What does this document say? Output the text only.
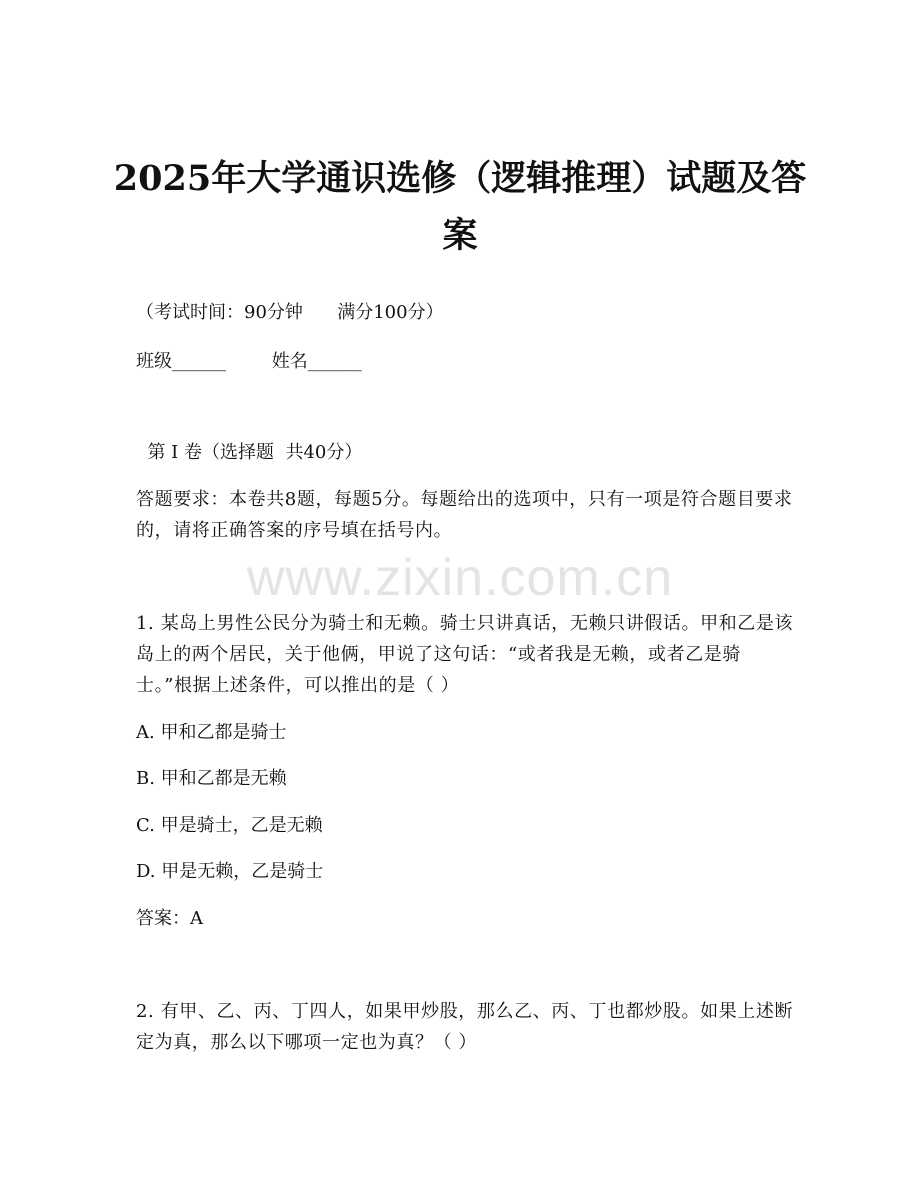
www.zixin.com.cn
2025年大学通识选修（逻辑推理）试题及答案
（考试时间：90分钟      满分100分）
班级______        姓名______
第 I 卷（选择题  共40分）
答题要求：本卷共8题，每题5分。每题给出的选项中，只有一项是符合题目要求的，请将正确答案的序号填在括号内。
1. 某岛上男性公民分为骑士和无赖。骑士只讲真话，无赖只讲假话。甲和乙是该岛上的两个居民，关于他俩，甲说了这句话：“或者我是无赖，或者乙是骑士。”根据上述条件，可以推出的是（ ）
A. 甲和乙都是骑士
B. 甲和乙都是无赖
C. 甲是骑士，乙是无赖
D. 甲是无赖，乙是骑士
答案：A
2. 有甲、乙、丙、丁四人，如果甲炒股，那么乙、丙、丁也都炒股。如果上述断定为真，那么以下哪项一定也为真？（ ）
